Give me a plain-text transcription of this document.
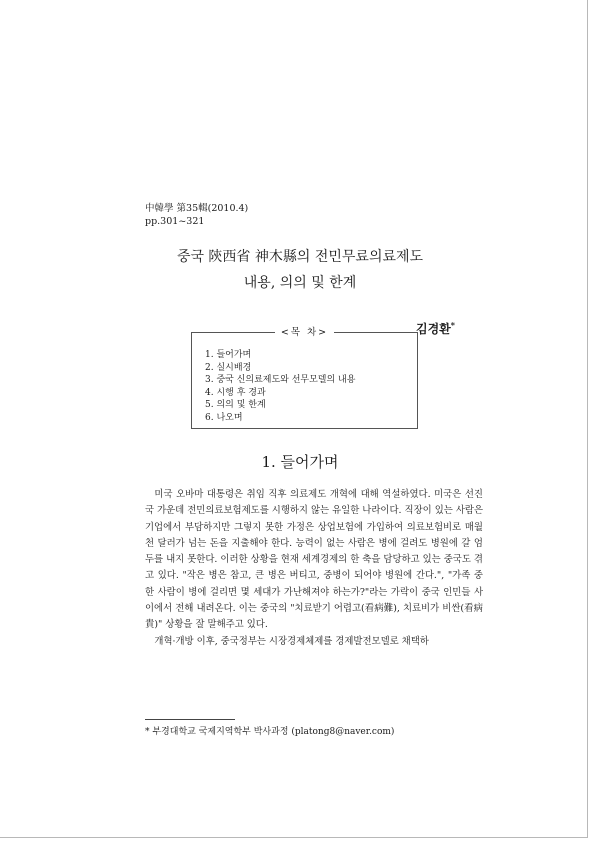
中韓學 第35輯(2010.4)
pp.301~321
중국 陝西省 神木縣의 전민무료의료제도
내용, 의의 및 한계
김경환*
<목 차>
1. 들어가며
2. 실시배경
3. 중국 신의료제도와 선무모델의 내용
4. 시행 후 경과
5. 의의 및 한계
6. 나오며
1. 들어가며

미국 오바마 대통령은 취임 직후 의료제도 개혁에 대해 역설하였다. 미국은 선진국 가운데 전민의료보험제도를 시행하지 않는 유일한 나라이다. 직장이 있는 사람은 기업에서 부담하지만 그렇지 못한 가정은 상업보험에 가입하여 의료보험비로 매월 천 달러가 넘는 돈을 지출해야 한다. 능력이 없는 사람은 병에 걸려도 병원에 갈 엄두를 내지 못한다. 이러한 상황을 현재 세계경제의 한 축을 담당하고 있는 중국도 겪고 있다. "작은 병은 참고, 큰 병은 버티고, 중병이 되어야 병원에 간다.", "가족 중 한 사람이 병에 걸리면 몇 세대가 가난해져야 하는가?"라는 가락이 중국 인민들 사이에서 전해 내려온다. 이는 중국의 "치료받기 어렵고(看病難), 치료비가 비싼(看病貴)" 상황을 잘 말해주고 있다.

개혁·개방 이후, 중국정부는 시장경제체제를 경제발전모델로 채택하

* 부경대학교 국제지역학부 박사과정 (platong8@naver.com)
